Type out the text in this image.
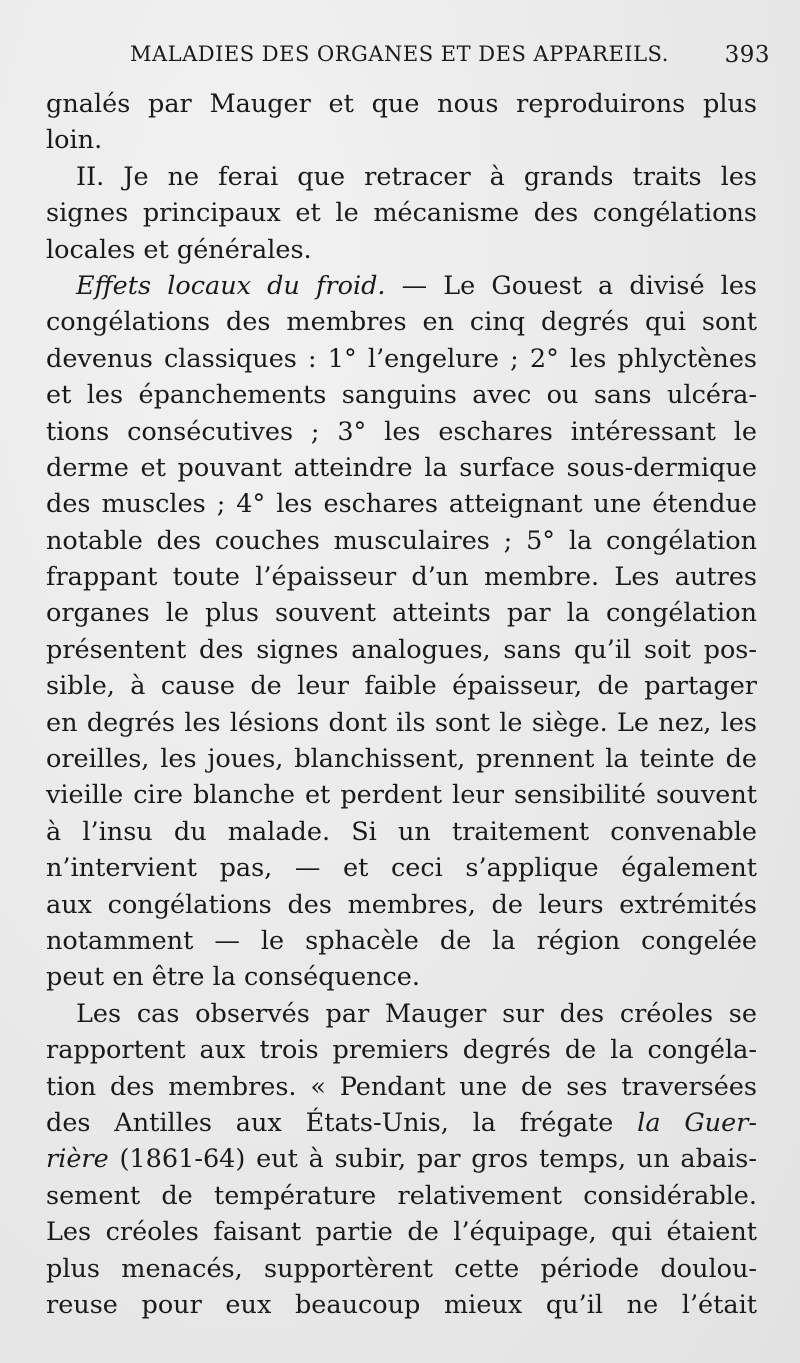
MALADIES DES ORGANES ET DES APPAREILS. 393
gnalés par Mauger et que nous reproduirons plus
loin.
II. Je ne ferai que retracer à grands traits les
signes principaux et le mécanisme des congélations
locales et générales.
Effets locaux du froid. — Le Gouest a divisé les
congélations des membres en cinq degrés qui sont
devenus classiques : 1° l’engelure ; 2° les phlyctènes
et les épanchements sanguins avec ou sans ulcéra-
tions consécutives ; 3° les eschares intéressant le
derme et pouvant atteindre la surface sous-dermique
des muscles ; 4° les eschares atteignant une étendue
notable des couches musculaires ; 5° la congélation
frappant toute l’épaisseur d’un membre. Les autres
organes le plus souvent atteints par la congélation
présentent des signes analogues, sans qu’il soit pos-
sible, à cause de leur faible épaisseur, de partager
en degrés les lésions dont ils sont le siège. Le nez, les
oreilles, les joues, blanchissent, prennent la teinte de
vieille cire blanche et perdent leur sensibilité souvent
à l’insu du malade. Si un traitement convenable
n’intervient pas, — et ceci s’applique également
aux congélations des membres, de leurs extrémités
notamment — le sphacèle de la région congelée
peut en être la conséquence.
Les cas observés par Mauger sur des créoles se
rapportent aux trois premiers degrés de la congéla-
tion des membres. « Pendant une de ses traversées
des Antilles aux États-Unis, la frégate la Guer-
rière (1861-64) eut à subir, par gros temps, un abais-
sement de température relativement considérable.
Les créoles faisant partie de l’équipage, qui étaient
plus menacés, supportèrent cette période doulou-
reuse pour eux beaucoup mieux qu’il ne l’était
